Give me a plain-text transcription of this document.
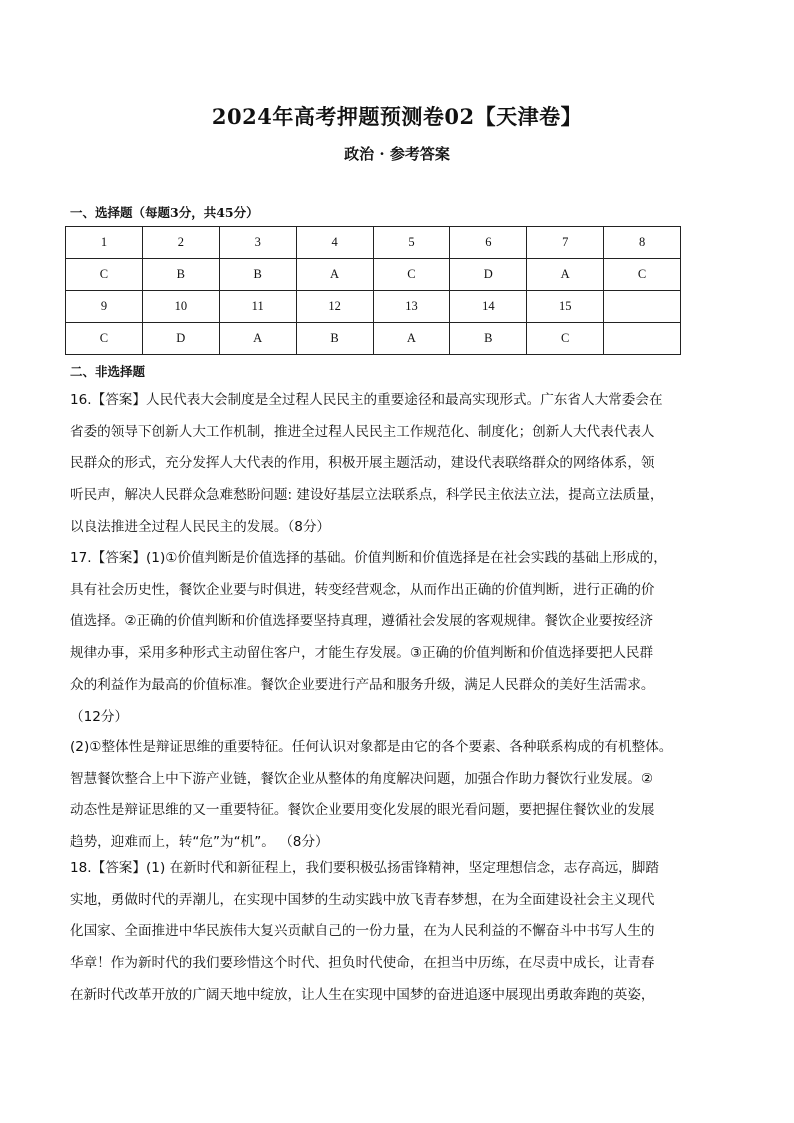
2024年高考押题预测卷02【天津卷】
政治 · 参考答案
一、选择题（每题3分，共45分）
1	2	3	4	5	6	7	8
C	B	B	A	C	D	A	C
9	10	11	12	13	14	15	
C	D	A	B	A	B	C	
二、非选择题

16.【答案】人民代表大会制度是全过程人民民主的重要途径和最高实现形式。广东省人大常委会在

省委的领导下创新人大工作机制，推进全过程人民民主工作规范化、制度化；创新人大代表代表人

民群众的形式，充分发挥人大代表的作用，积极开展主题活动，建设代表联络群众的网络体系，领

听民声，解决人民群众急难愁盼问题: 建设好基层立法联系点，科学民主依法立法，提高立法质量，

以良法推进全过程人民民主的发展。（8分）

17.【答案】(1)①价值判断是价值选择的基础。价值判断和价值选择是在社会实践的基础上形成的，

具有社会历史性，餐饮企业要与时俱进，转变经营观念，从而作出正确的价值判断，进行正确的价

值选择。②正确的价值判断和价值选择要坚持真理，遵循社会发展的客观规律。餐饮企业要按经济

规律办事，采用多种形式主动留住客户，才能生存发展。③正确的价值判断和价值选择要把人民群

众的利益作为最高的价值标准。餐饮企业要进行产品和服务升级，满足人民群众的美好生活需求。

（12分）

(2)①整体性是辩证思维的重要特征。任何认识对象都是由它的各个要素、各种联系构成的有机整体。

智慧餐饮整合上中下游产业链，餐饮企业从整体的角度解决问题，加强合作助力餐饮行业发展。②

动态性是辩证思维的又一重要特征。餐饮企业要用变化发展的眼光看问题，要把握住餐饮业的发展

趋势，迎难而上，转“危”为“机”。 （8分）

18.【答案】(1) 在新时代和新征程上，我们要积极弘扬雷锋精神，坚定理想信念，志存高远，脚踏

实地，勇做时代的弄潮儿，在实现中国梦的生动实践中放飞青春梦想，在为全面建设社会主义现代

化国家、全面推进中华民族伟大复兴贡献自己的一份力量，在为人民利益的不懈奋斗中书写人生的

华章！作为新时代的我们要珍惜这个时代、担负时代使命，在担当中历练，在尽责中成长，让青春

在新时代改革开放的广阔天地中绽放，让人生在实现中国梦的奋进追逐中展现出勇敢奔跑的英姿，
